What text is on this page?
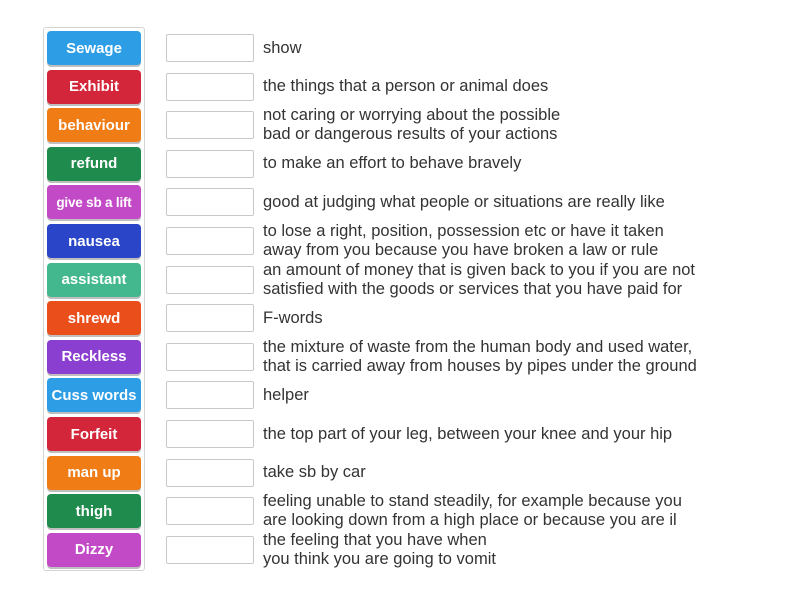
Sewage
Exhibit
behaviour
refund
give sb a lift
nausea
assistant
shrewd
Reckless
Cuss words
Forfeit
man up
thigh
Dizzy
show
the things that a person or animal does
not caring or worrying about the possible
bad or dangerous results of your actions
to make an effort to behave bravely
good at judging what people or situations are really like
to lose a right, position, possession etc or have it taken
away from you because you have broken a law or rule
an amount of money that is given back to you if you are not
satisfied with the goods or services that you have paid for
F-words
the mixture of waste from the human body and used water,
that is carried away from houses by pipes under the ground
helper
the top part of your leg, between your knee and your hip
take sb by car
feeling unable to stand steadily, for example because you
are looking down from a high place or because you are il
the feeling that you have when
you think you are going to vomit
